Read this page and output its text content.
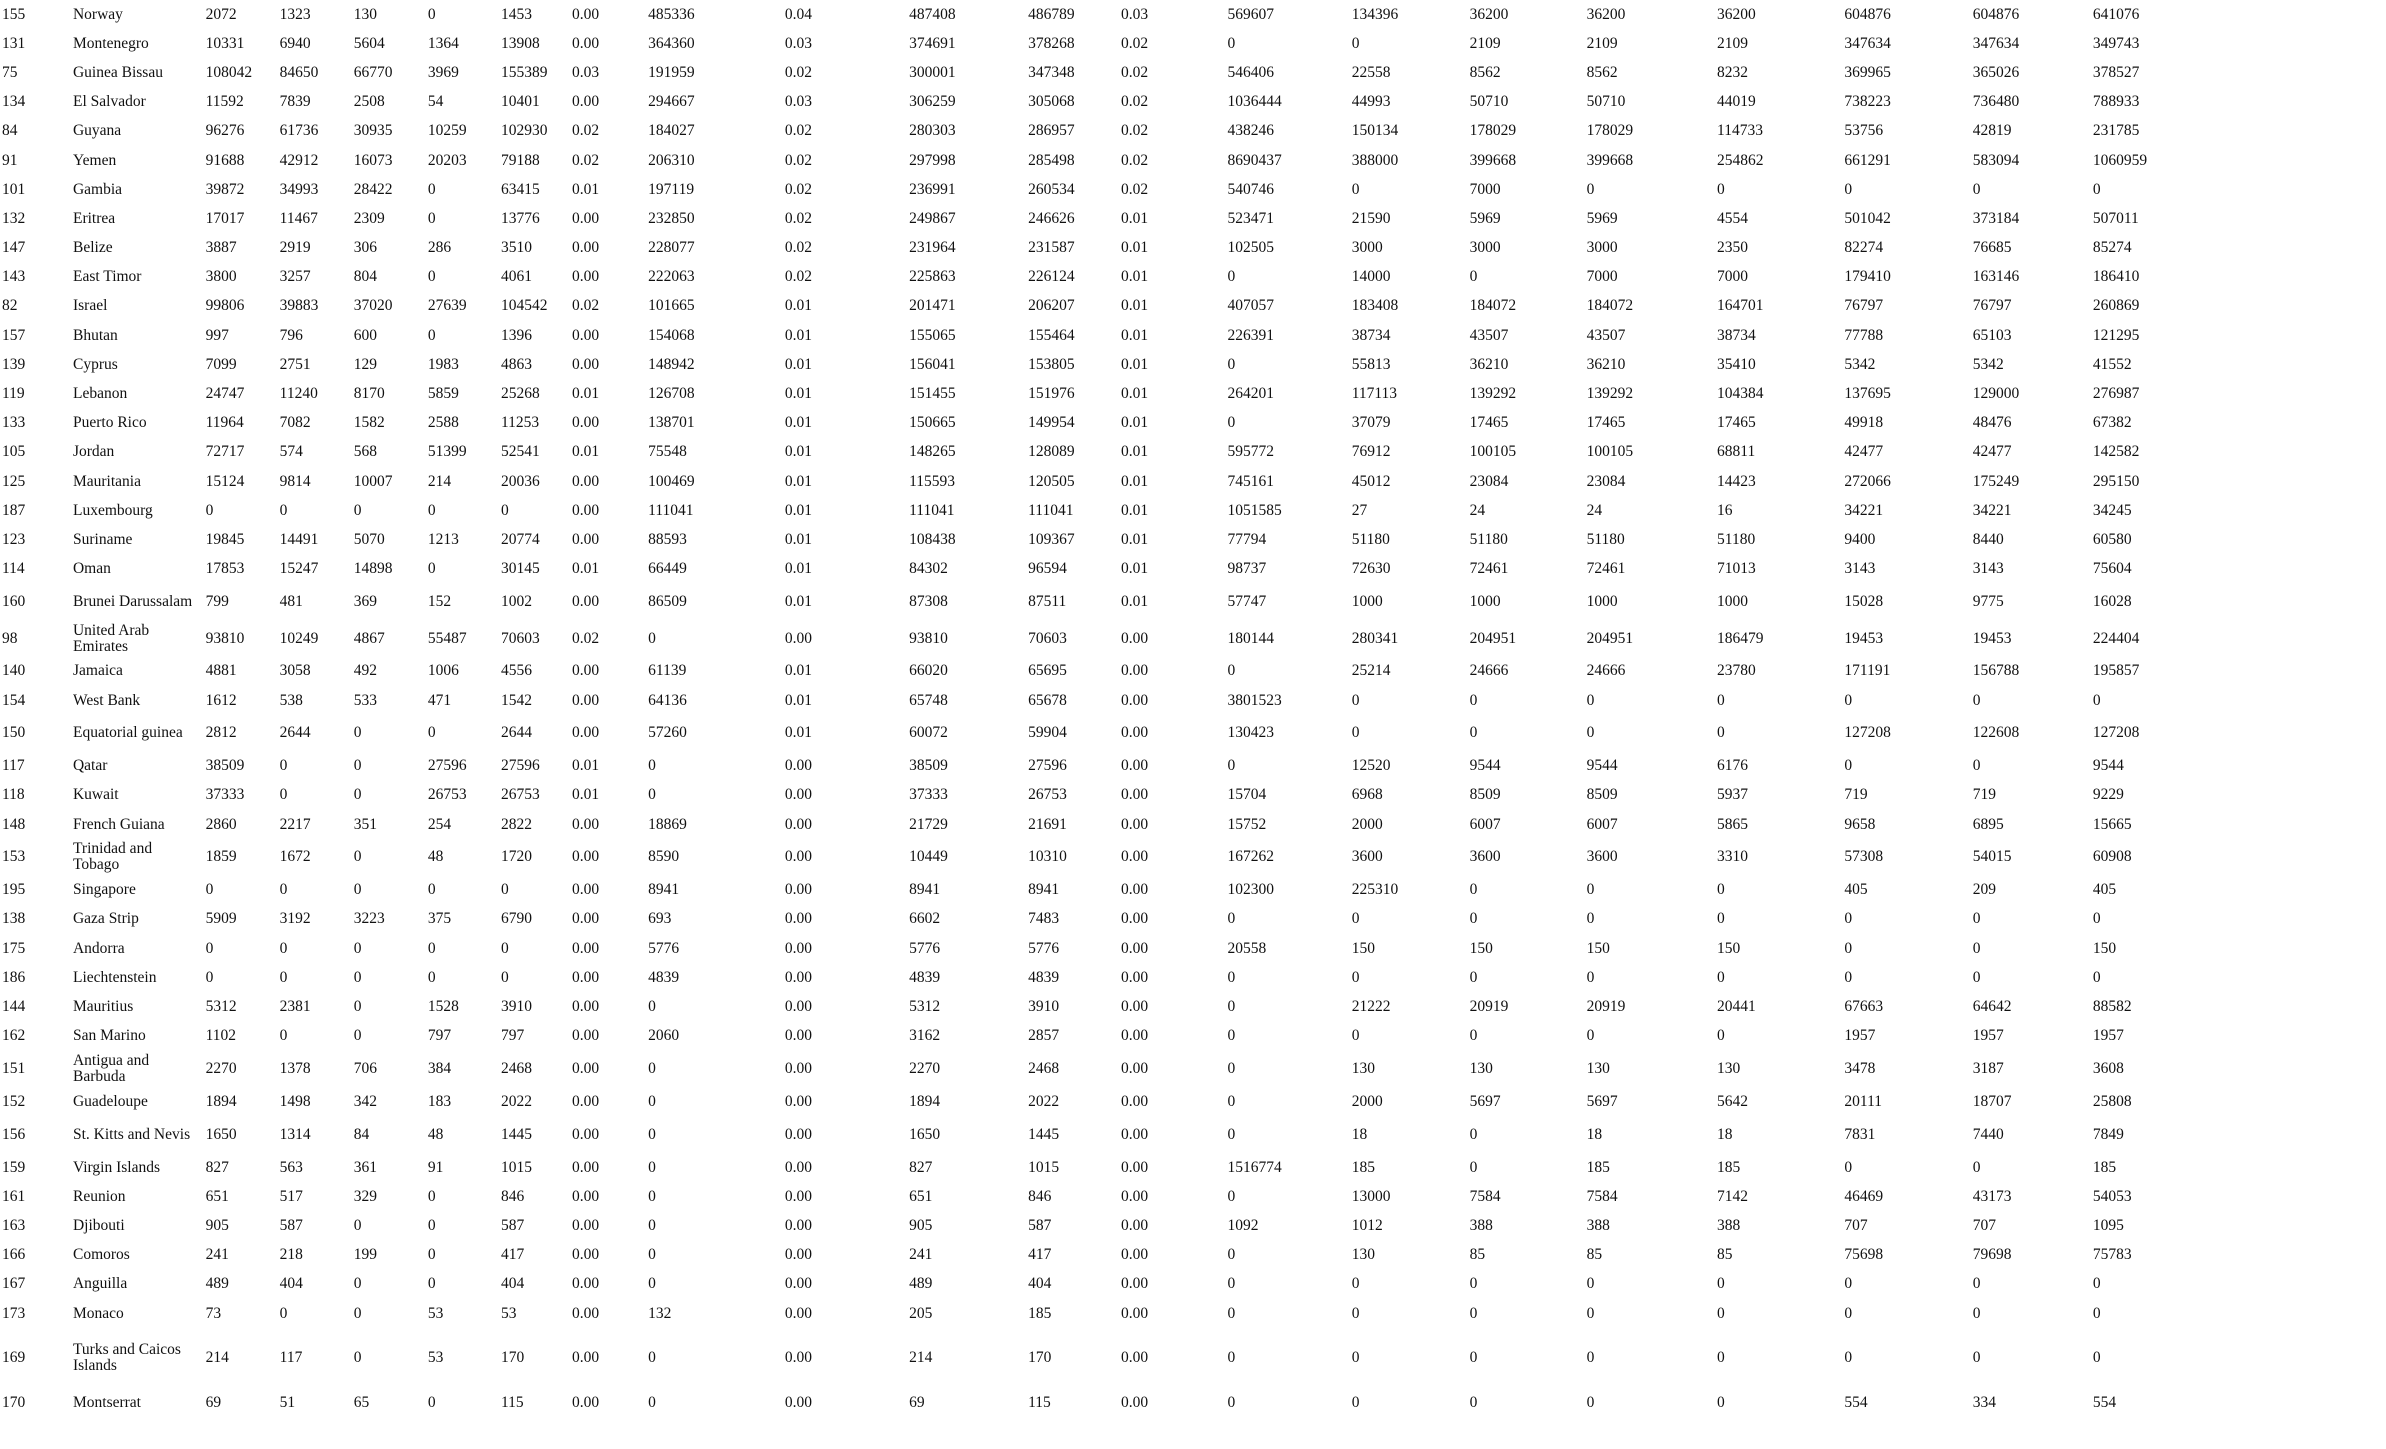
155	Norway	2072	1323	130	0	1453	0.00	485336	0.04	487408	486789	0.03	569607	134396	36200	36200	36200	604876	604876	641076
131	Montenegro	10331	6940	5604	1364	13908	0.00	364360	0.03	374691	378268	0.02	0	0	2109	2109	2109	347634	347634	349743
75	Guinea Bissau	108042	84650	66770	3969	155389	0.03	191959	0.02	300001	347348	0.02	546406	22558	8562	8562	8232	369965	365026	378527
134	El Salvador	11592	7839	2508	54	10401	0.00	294667	0.03	306259	305068	0.02	1036444	44993	50710	50710	44019	738223	736480	788933
84	Guyana	96276	61736	30935	10259	102930	0.02	184027	0.02	280303	286957	0.02	438246	150134	178029	178029	114733	53756	42819	231785
91	Yemen	91688	42912	16073	20203	79188	0.02	206310	0.02	297998	285498	0.02	8690437	388000	399668	399668	254862	661291	583094	1060959
101	Gambia	39872	34993	28422	0	63415	0.01	197119	0.02	236991	260534	0.02	540746	0	7000	0	0	0	0	0
132	Eritrea	17017	11467	2309	0	13776	0.00	232850	0.02	249867	246626	0.01	523471	21590	5969	5969	4554	501042	373184	507011
147	Belize	3887	2919	306	286	3510	0.00	228077	0.02	231964	231587	0.01	102505	3000	3000	3000	2350	82274	76685	85274
143	East Timor	3800	3257	804	0	4061	0.00	222063	0.02	225863	226124	0.01	0	14000	0	7000	7000	179410	163146	186410
82	Israel	99806	39883	37020	27639	104542	0.02	101665	0.01	201471	206207	0.01	407057	183408	184072	184072	164701	76797	76797	260869
157	Bhutan	997	796	600	0	1396	0.00	154068	0.01	155065	155464	0.01	226391	38734	43507	43507	38734	77788	65103	121295
139	Cyprus	7099	2751	129	1983	4863	0.00	148942	0.01	156041	153805	0.01	0	55813	36210	36210	35410	5342	5342	41552
119	Lebanon	24747	11240	8170	5859	25268	0.01	126708	0.01	151455	151976	0.01	264201	117113	139292	139292	104384	137695	129000	276987
133	Puerto Rico	11964	7082	1582	2588	11253	0.00	138701	0.01	150665	149954	0.01	0	37079	17465	17465	17465	49918	48476	67382
105	Jordan	72717	574	568	51399	52541	0.01	75548	0.01	148265	128089	0.01	595772	76912	100105	100105	68811	42477	42477	142582
125	Mauritania	15124	9814	10007	214	20036	0.00	100469	0.01	115593	120505	0.01	745161	45012	23084	23084	14423	272066	175249	295150
187	Luxembourg	0	0	0	0	0	0.00	111041	0.01	111041	111041	0.01	1051585	27	24	24	16	34221	34221	34245
123	Suriname	19845	14491	5070	1213	20774	0.00	88593	0.01	108438	109367	0.01	77794	51180	51180	51180	51180	9400	8440	60580
114	Oman	17853	15247	14898	0	30145	0.01	66449	0.01	84302	96594	0.01	98737	72630	72461	72461	71013	3143	3143	75604
160	Brunei Darussalam	799	481	369	152	1002	0.00	86509	0.01	87308	87511	0.01	57747	1000	1000	1000	1000	15028	9775	16028
98	United Arab Emirates	93810	10249	4867	55487	70603	0.02	0	0.00	93810	70603	0.00	180144	280341	204951	204951	186479	19453	19453	224404
140	Jamaica	4881	3058	492	1006	4556	0.00	61139	0.01	66020	65695	0.00	0	25214	24666	24666	23780	171191	156788	195857
154	West Bank	1612	538	533	471	1542	0.00	64136	0.01	65748	65678	0.00	3801523	0	0	0	0	0	0	0
150	Equatorial guinea	2812	2644	0	0	2644	0.00	57260	0.01	60072	59904	0.00	130423	0	0	0	0	127208	122608	127208
117	Qatar	38509	0	0	27596	27596	0.01	0	0.00	38509	27596	0.00	0	12520	9544	9544	6176	0	0	9544
118	Kuwait	37333	0	0	26753	26753	0.01	0	0.00	37333	26753	0.00	15704	6968	8509	8509	5937	719	719	9229
148	French Guiana	2860	2217	351	254	2822	0.00	18869	0.00	21729	21691	0.00	15752	2000	6007	6007	5865	9658	6895	15665
153	Trinidad and Tobago	1859	1672	0	48	1720	0.00	8590	0.00	10449	10310	0.00	167262	3600	3600	3600	3310	57308	54015	60908
195	Singapore	0	0	0	0	0	0.00	8941	0.00	8941	8941	0.00	102300	225310	0	0	0	405	209	405
138	Gaza Strip	5909	3192	3223	375	6790	0.00	693	0.00	6602	7483	0.00	0	0	0	0	0	0	0	0
175	Andorra	0	0	0	0	0	0.00	5776	0.00	5776	5776	0.00	20558	150	150	150	150	0	0	150
186	Liechtenstein	0	0	0	0	0	0.00	4839	0.00	4839	4839	0.00	0	0	0	0	0	0	0	0
144	Mauritius	5312	2381	0	1528	3910	0.00	0	0.00	5312	3910	0.00	0	21222	20919	20919	20441	67663	64642	88582
162	San Marino	1102	0	0	797	797	0.00	2060	0.00	3162	2857	0.00	0	0	0	0	0	1957	1957	1957
151	Antigua and Barbuda	2270	1378	706	384	2468	0.00	0	0.00	2270	2468	0.00	0	130	130	130	130	3478	3187	3608
152	Guadeloupe	1894	1498	342	183	2022	0.00	0	0.00	1894	2022	0.00	0	2000	5697	5697	5642	20111	18707	25808
156	St. Kitts and Nevis	1650	1314	84	48	1445	0.00	0	0.00	1650	1445	0.00	0	18	0	18	18	7831	7440	7849
159	Virgin Islands	827	563	361	91	1015	0.00	0	0.00	827	1015	0.00	1516774	185	0	185	185	0	0	185
161	Reunion	651	517	329	0	846	0.00	0	0.00	651	846	0.00	0	13000	7584	7584	7142	46469	43173	54053
163	Djibouti	905	587	0	0	587	0.00	0	0.00	905	587	0.00	1092	1012	388	388	388	707	707	1095
166	Comoros	241	218	199	0	417	0.00	0	0.00	241	417	0.00	0	130	85	85	85	75698	79698	75783
167	Anguilla	489	404	0	0	404	0.00	0	0.00	489	404	0.00	0	0	0	0	0	0	0	0
173	Monaco	73	0	0	53	53	0.00	132	0.00	205	185	0.00	0	0	0	0	0	0	0	0
169	Turks and Caicos Islands	214	117	0	53	170	0.00	0	0.00	214	170	0.00	0	0	0	0	0	0	0	0
170	Montserrat	69	51	65	0	115	0.00	0	0.00	69	115	0.00	0	0	0	0	0	554	334	554
